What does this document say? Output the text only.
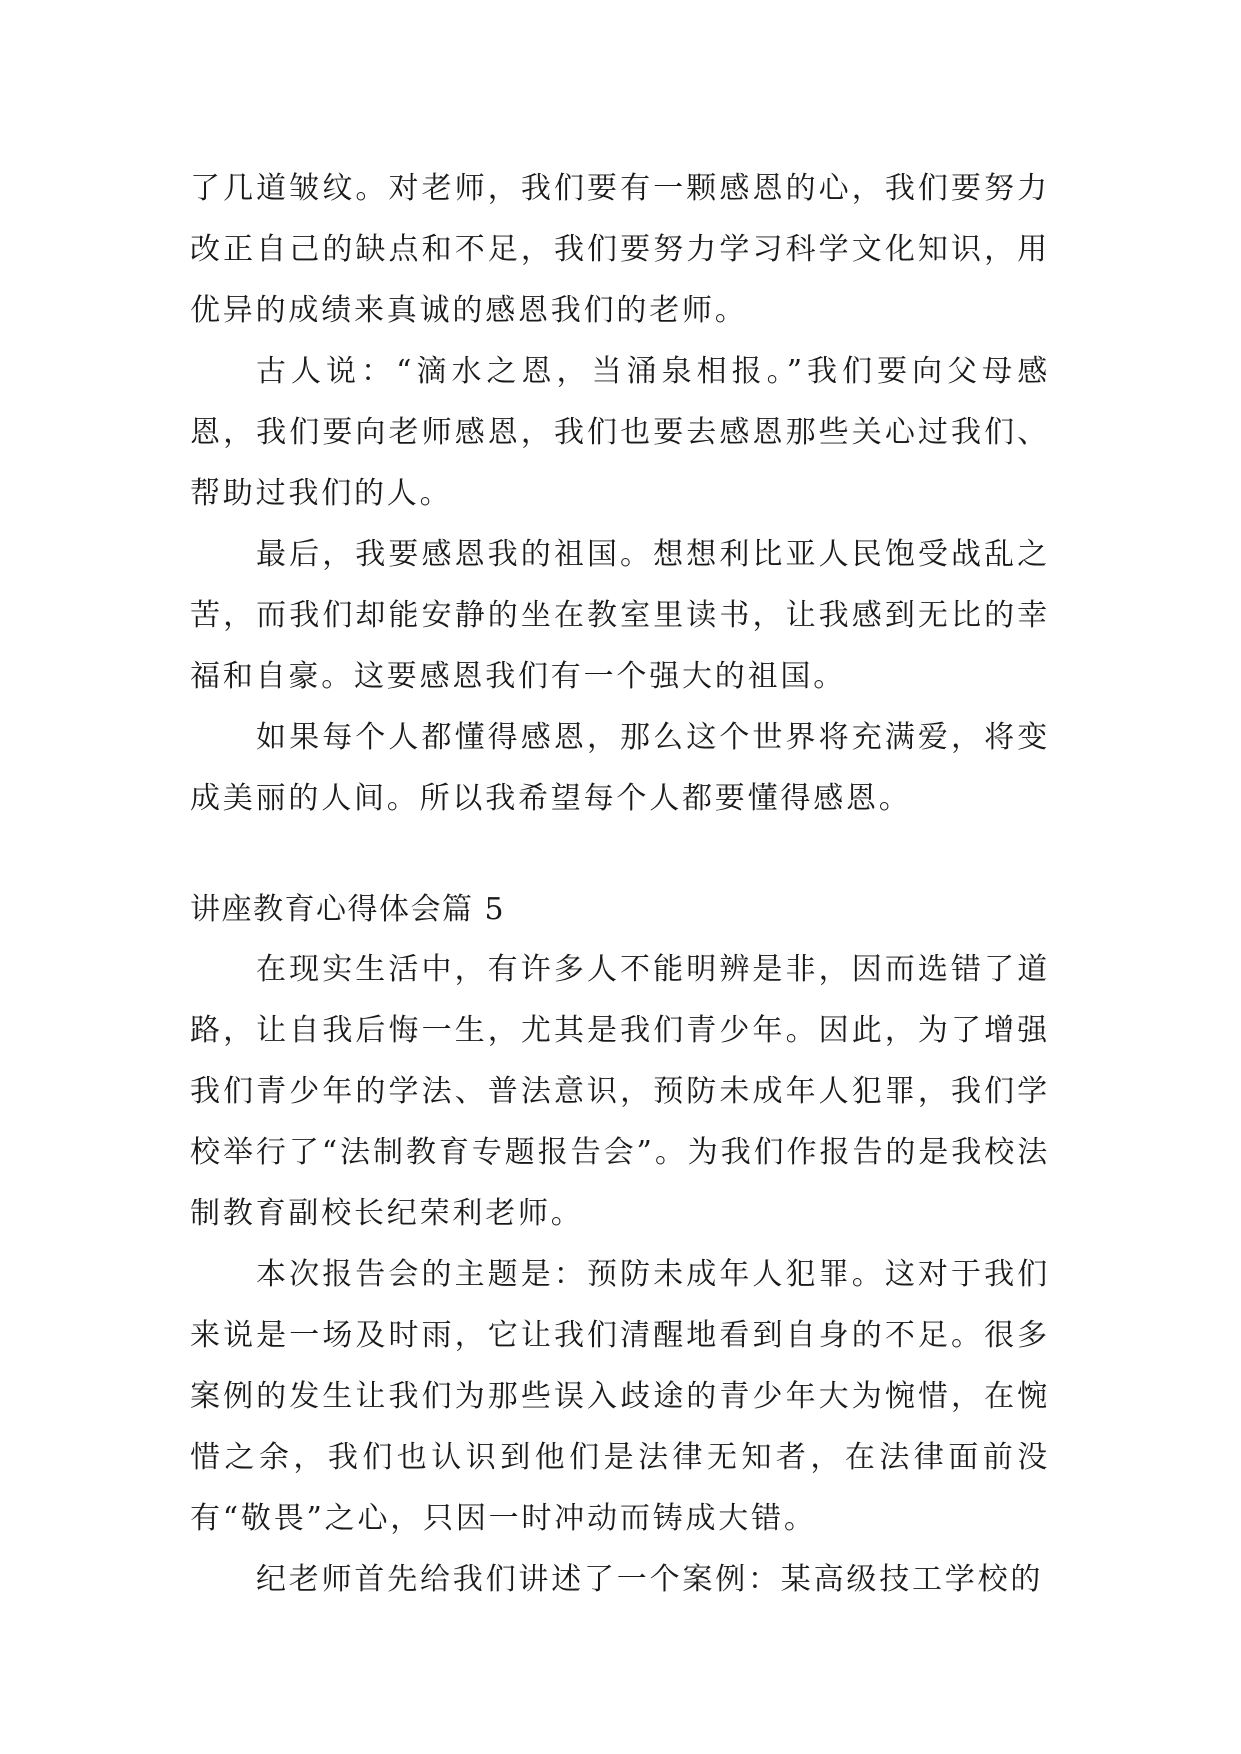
了几道皱纹。对老师，我们要有一颗感恩的心，我们要努力改正自己的缺点和不足，我们要努力学习科学文化知识，用优异的成绩来真诚的感恩我们的老师。

古人说：“滴水之恩，当涌泉相报。”我们要向父母感恩，我们要向老师感恩，我们也要去感恩那些关心过我们、帮助过我们的人。

最后，我要感恩我的祖国。想想利比亚人民饱受战乱之苦，而我们却能安静的坐在教室里读书，让我感到无比的幸福和自豪。这要感恩我们有一个强大的祖国。

如果每个人都懂得感恩，那么这个世界将充满爱，将变成美丽的人间。所以我希望每个人都要懂得感恩。

讲座教育心得体会篇 5

在现实生活中，有许多人不能明辨是非，因而选错了道路，让自我后悔一生，尤其是我们青少年。因此，为了增强我们青少年的学法、普法意识，预防未成年人犯罪，我们学校举行了“法制教育专题报告会”。为我们作报告的是我校法制教育副校长纪荣利老师。

本次报告会的主题是：预防未成年人犯罪。这对于我们来说是一场及时雨，它让我们清醒地看到自身的不足。很多案例的发生让我们为那些误入歧途的青少年大为惋惜，在惋惜之余，我们也认识到他们是法律无知者，在法律面前没有“敬畏”之心，只因一时冲动而铸成大错。

纪老师首先给我们讲述了一个案例：某高级技工学校的
